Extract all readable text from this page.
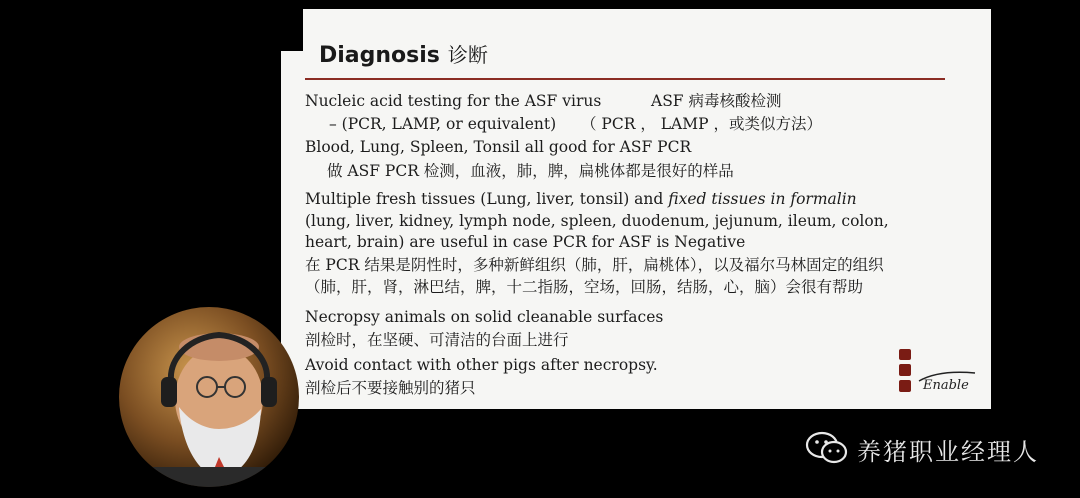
Diagnosis 诊断
Nucleic acid testing for the ASF virus	ASF 病毒核酸检测
– (PCR, LAMP, or equivalent) （ PCR ， LAMP ，或类似方法）
Blood, Lung, Spleen, Tonsil all good for ASF PCR
做 ASF PCR 检测，血液，肺，脾，扁桃体都是很好的样品
Multiple fresh tissues (Lung, liver, tonsil) and fixed tissues in formalin
(lung, liver, kidney, lymph node, spleen, duodenum, jejunum, ileum, colon,
heart, brain) are useful in case PCR for ASF is Negative
在 PCR 结果是阴性时，多种新鲜组织（肺，肝，扁桃体），以及福尔马林固定的组织
（肺，肝，肾，淋巴结，脾，十二指肠，空场，回肠，结肠，心，脑）会很有帮助
Necropsy animals on solid cleanable surfaces
剖检时，在坚硬、可清洁的台面上进行
Avoid contact with other pigs after necropsy.
剖检后不要接触别的猪只	Enable
养猪职业经理人
